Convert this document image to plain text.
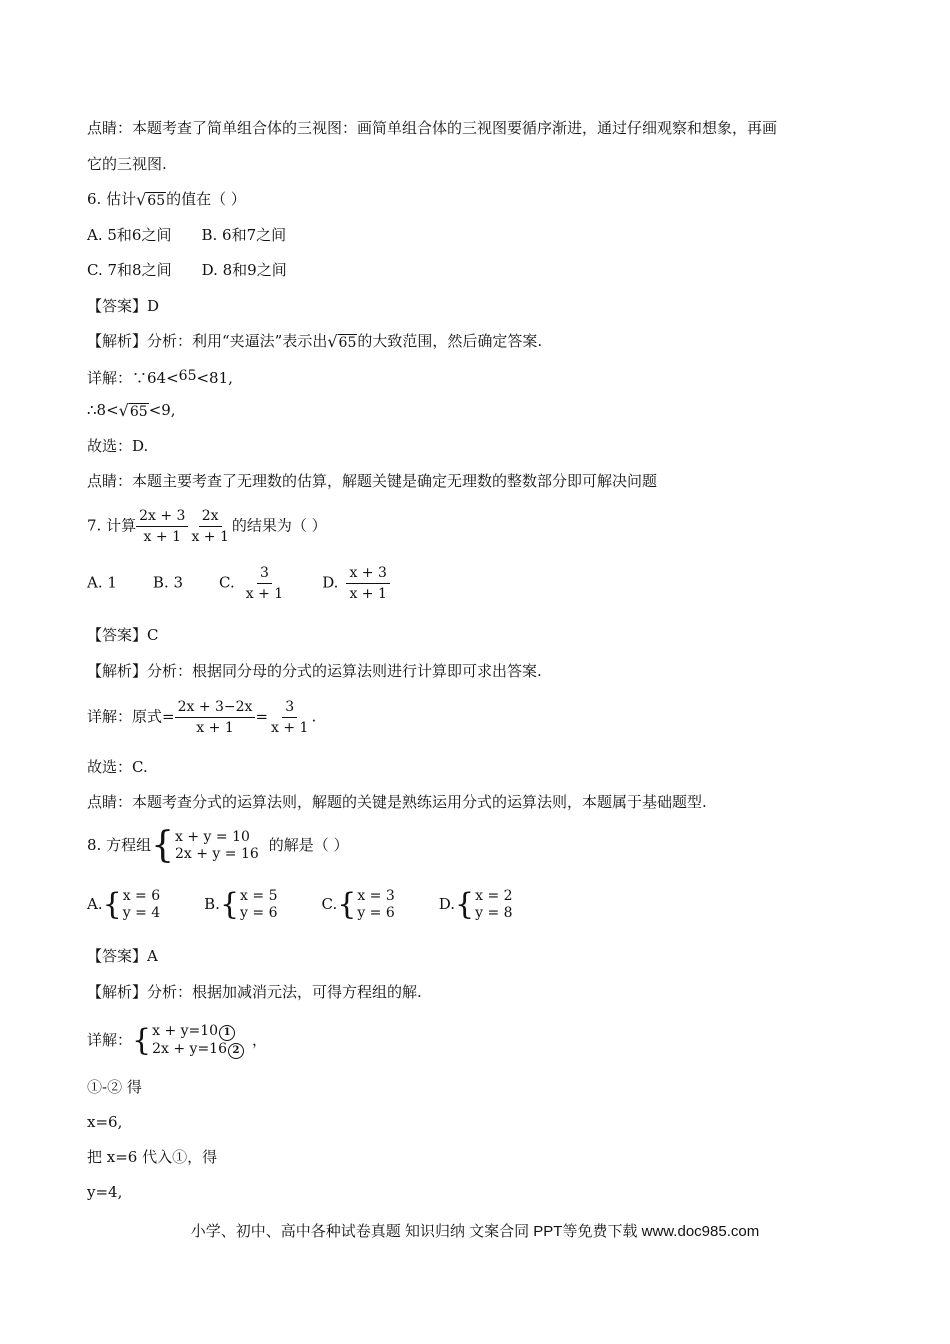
点睛：本题考查了简单组合体的三视图：画简单组合体的三视图要循序渐进，通过仔细观察和想象，再画
它的三视图.
6. 估计 √ 65 的值在（ ）
A. 5和6之间 B. 6和7之间
C. 7和8之间 D. 8和9之间
【答案】D
【解析】分析：利用“夹逼法”表示出 √ 65 的大致范围，然后确定答案.
详解：∵64<65<81,
∴8< √ 65 <9,
故选：D.
点睛：本题主要考查了无理数的估算，解题关键是确定无理数的整数部分即可解决问题
7. 计算 $\frac{2x + 3}{x + 1} \frac{2x}{x + 1}$ 的结果为（ ）
A. 1 B. 3 C. $\frac{3}{x + 1} D$. $\frac{x + 3}{x + 1}$
【答案】C
【解析】分析：根据同分母的分式的运算法则进行计算即可求出答案.
详解：原式= $\frac{2x + 3-2x}{x + 1} = \frac{3}{x + 1}$ .
故选：C.
点睛：本题考查分式的运算法则，解题的关键是熟练运用分式的运算法则，本题属于基础题型.
8. 方程组 { x + y = 10
2x + y = 16 的解是（ ）
A. { x = 6
y = 4	B. { x = 5
y = 6	C. { x = 3
y = 6	D. { x = 2
y = 8
【答案】A
【解析】分析：根据加减消元法，可得方程组的解.
详解： { x + y=10 1
2x + y=16 2
，
①-② 得
x=6,
把 x=6 代入①，得
y=4,
小学、初中、高中各种试卷真题 知识归纳 文案合同 PPT等免费下载 www.doc985.com
